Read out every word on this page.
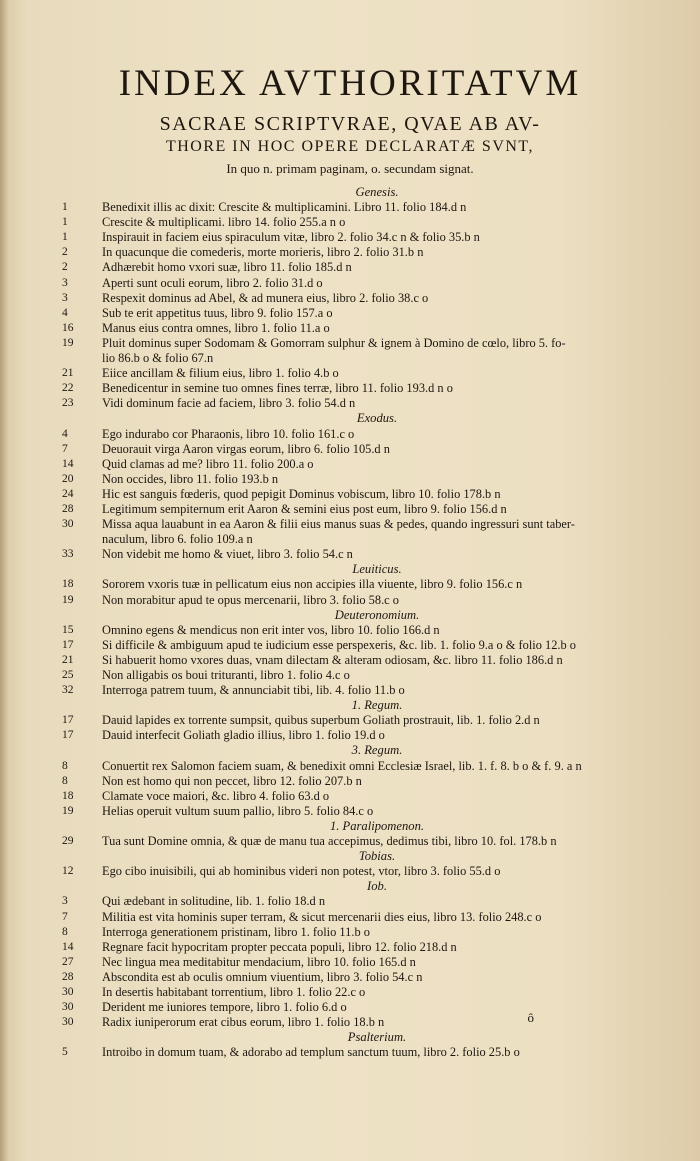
INDEX AVTHORITATVM
SACRAE SCRIPTVRAE, QVAE AB AV-
THORE IN HOC OPERE DECLARATÆ SVNT,
In quo n. primam paginam, o. secundam signat.
Genesis.
1	Benedixit illis ac dixit: Crescite & multiplicamini. Libro 11. folio 184.d n
1	Crescite & multiplicami. libro 14. folio 255.a n o
1	Inspirauit in faciem eius spiraculum vitæ, libro 2. folio 34.c n & folio 35.b n
2	In quacunque die comederis, morte morieris, libro 2. folio 31.b n
2	Adhærebit homo vxori suæ, libro 11. folio 185.d n
3	Aperti sunt oculi eorum, libro 2. folio 31.d o
3	Respexit dominus ad Abel, & ad munera eius, libro 2. folio 38.c o
4	Sub te erit appetitus tuus, libro 9. folio 157.a o
16	Manus eius contra omnes, libro 1. folio 11.a o
19	Pluit dominus super Sodomam & Gomorram sulphur & ignem à Domino de cœlo, libro 5. fo-
lio 86.b o & folio 67.n
21	Eiice ancillam & filium eius, libro 1. folio 4.b o
22	Benedicentur in semine tuo omnes fines terræ, libro 11. folio 193.d n o
23	Vidi dominum facie ad faciem, libro 3. folio 54.d n
Exodus.
4	Ego indurabo cor Pharaonis, libro 10. folio 161.c o
7	Deuorauit virga Aaron virgas eorum, libro 6. folio 105.d n
14	Quid clamas ad me? libro 11. folio 200.a o
20	Non occides, libro 11. folio 193.b n
24	Hic est sanguis fœderis, quod pepigit Dominus vobiscum, libro 10. folio 178.b n
28	Legitimum sempiternum erit Aaron & semini eius post eum, libro 9. folio 156.d n
30	Missa aqua lauabunt in ea Aaron & filii eius manus suas & pedes, quando ingressuri sunt taber-
naculum, libro 6. folio 109.a n
33	Non videbit me homo & viuet, libro 3. folio 54.c n
Leuiticus.
18	Sororem vxoris tuæ in pellicatum eius non accipies illa viuente, libro 9. folio 156.c n
19	Non morabitur apud te opus mercenarii, libro 3. folio 58.c o
Deuteronomium.
15	Omnino egens & mendicus non erit inter vos, libro 10. folio 166.d n
17	Si difficile & ambiguum apud te iudicium esse perspexeris, &c. lib. 1. folio 9.a o & folio 12.b o
21	Si habuerit homo vxores duas, vnam dilectam & alteram odiosam, &c. libro 11. folio 186.d n
25	Non alligabis os boui trituranti, libro 1. folio 4.c o
32	Interroga patrem tuum, & annunciabit tibi, lib. 4. folio 11.b o
1. Regum.
17	Dauid lapides ex torrente sumpsit, quibus superbum Goliath prostrauit, lib. 1. folio 2.d n
17	Dauid interfecit Goliath gladio illius, libro 1. folio 19.d o
3. Regum.
8	Conuertit rex Salomon faciem suam, & benedixit omni Ecclesiæ Israel, lib. 1. f. 8. b o & f. 9. a n
8	Non est homo qui non peccet, libro 12. folio 207.b n
18	Clamate voce maiori, &c. libro 4. folio 63.d o
19	Helias operuit vultum suum pallio, libro 5. folio 84.c o
1. Paralipomenon.
29	Tua sunt Domine omnia, & quæ de manu tua accepimus, dedimus tibi, libro 10. fol. 178.b n
Tobias.
12	Ego cibo inuisibili, qui ab hominibus videri non potest, vtor, libro 3. folio 55.d o
Iob.
3	Qui ædebant in solitudine, lib. 1. folio 18.d n
7	Militia est vita hominis super terram, & sicut mercenarii dies eius, libro 13. folio 248.c o
8	Interroga generationem pristinam, libro 1. folio 11.b o
14	Regnare facit hypocritam propter peccata populi, libro 12. folio 218.d n
27	Nec lingua mea meditabitur mendacium, libro 10. folio 165.d n
28	Abscondita est ab oculis omnium viuentium, libro 3. folio 54.c n
30	In desertis habitabant torrentium, libro 1. folio 22.c o
30	Derident me iuniores tempore, libro 1. folio 6.d o
30	Radix iuniperorum erat cibus eorum, libro 1. folio 18.b n
Psalterium.
5	Introibo in domum tuam, & adorabo ad templum sanctum tuum, libro 2. folio 25.b o
ô
